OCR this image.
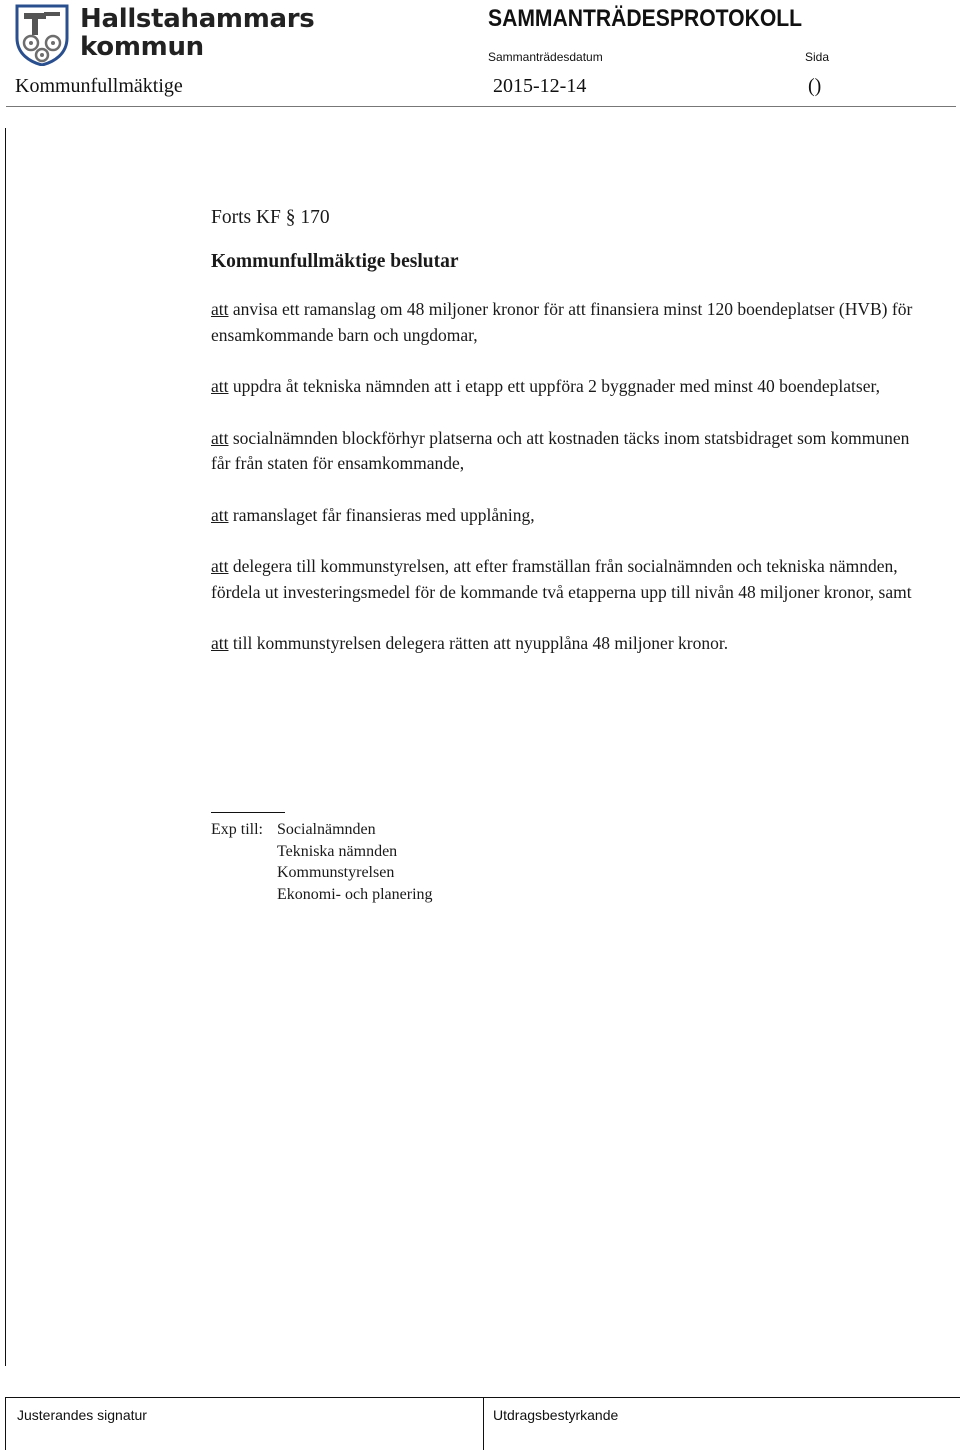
Hallstahammars
kommun
SAMMANTRÄDESPROTOKOLL
Sammanträdesdatum	Sida
Kommunfullmäktige	2015-12-14	()

Forts KF § 170

Kommunfullmäktige beslutar

att anvisa ett ramanslag om 48 miljoner kronor för att finansiera minst 120 boendeplatser (HVB) för ensamkommande barn och ungdomar,

att uppdra åt tekniska nämnden att i etapp ett uppföra 2 byggnader med minst 40 boendeplatser,

att socialnämnden blockförhyr platserna och att kostnaden täcks inom statsbidraget som kommunen får från staten för ensamkommande,

att ramanslaget får finansieras med upplåning,

att delegera till kommunstyrelsen, att efter framställan från socialnämnden och tekniska nämnden, fördela ut investeringsmedel för de kommande två etapperna upp till nivån 48 miljoner kronor, samt

att till kommunstyrelsen delegera rätten att nyupplåna 48 miljoner kronor.

Exp till: Socialnämnden
Tekniska nämnden
Kommunstyrelsen
Ekonomi- och planering
Justerandes signatur	Utdragsbestyrkande
